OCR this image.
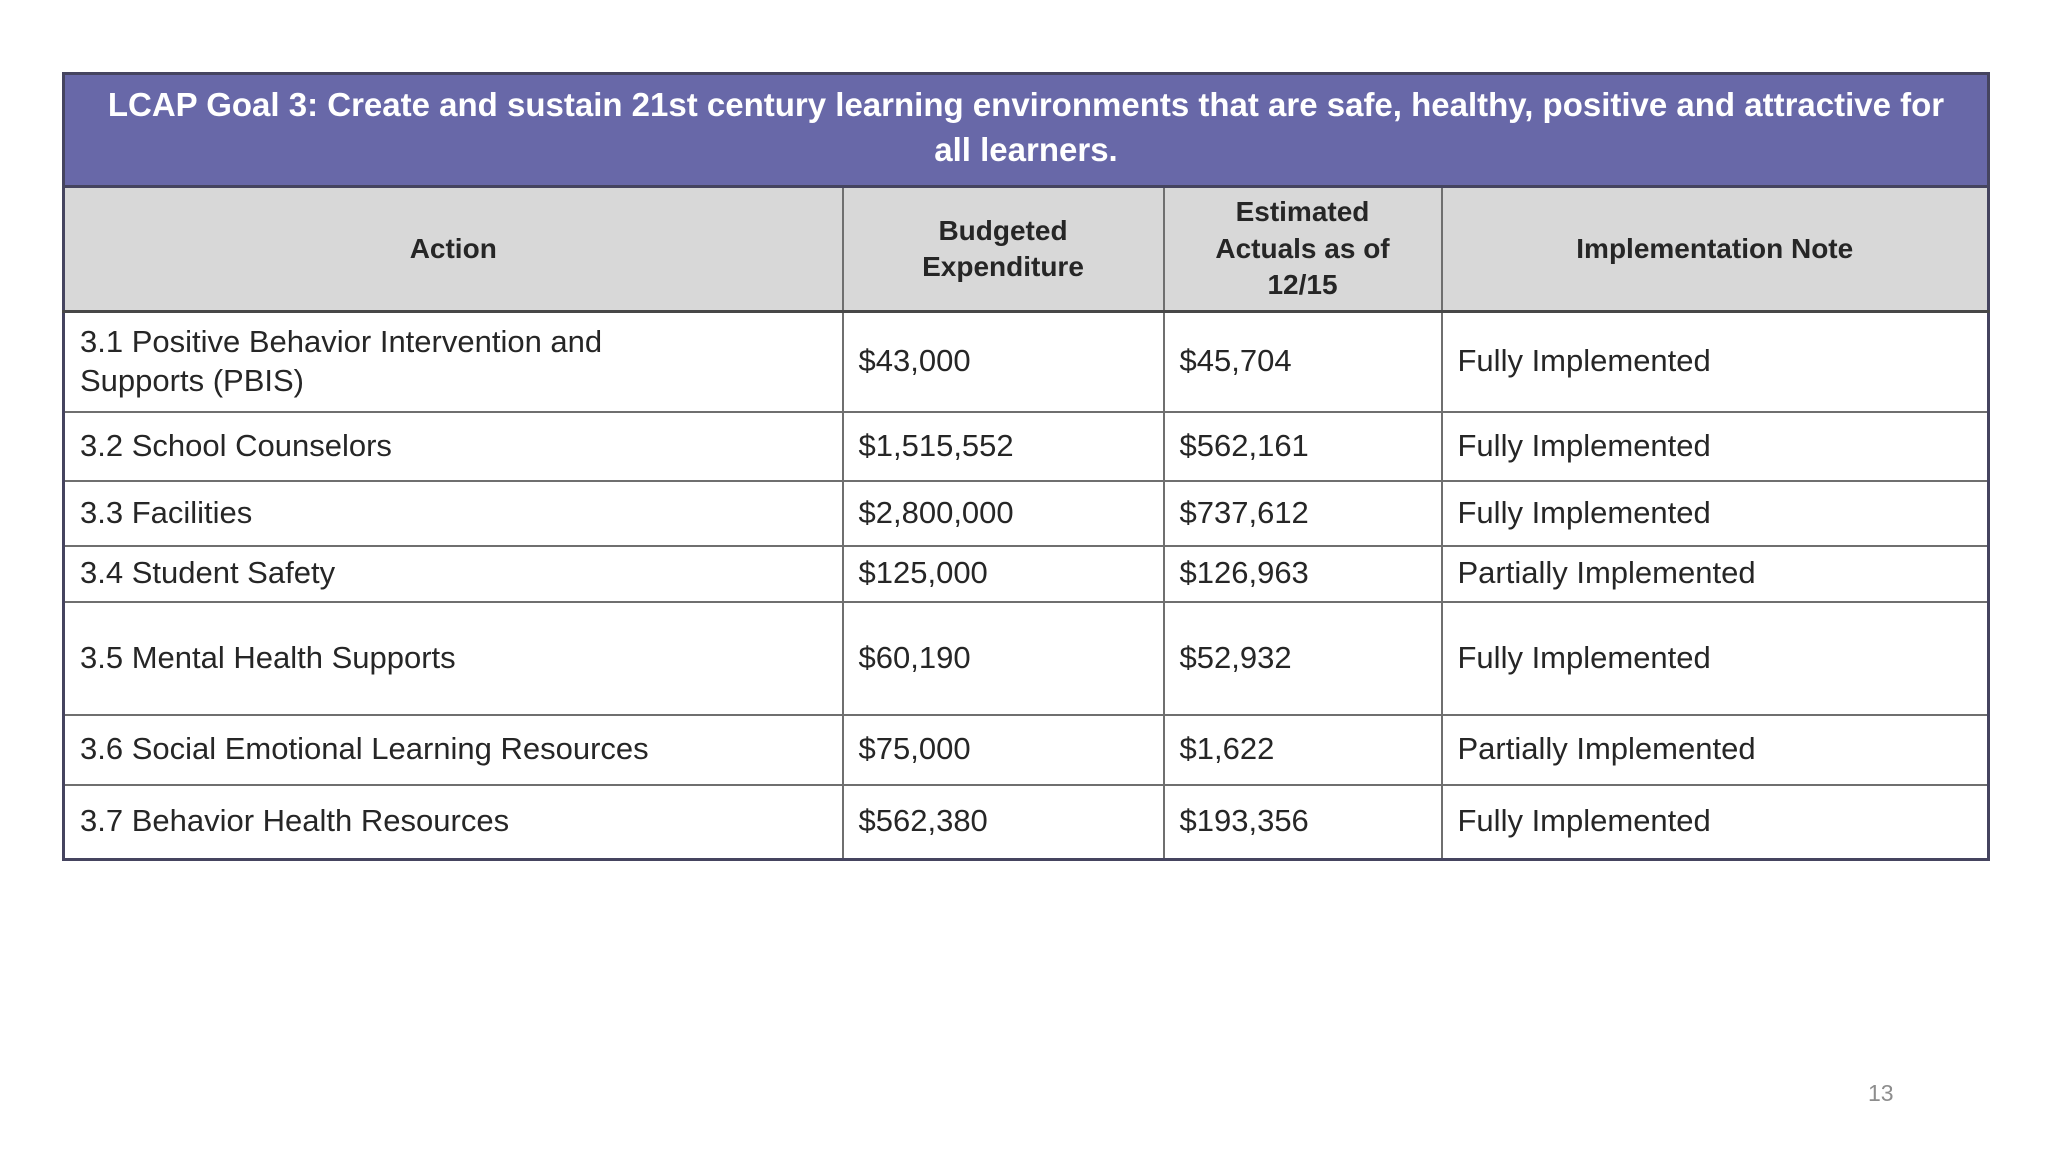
LCAP Goal 3: Create and sustain 21st century learning environments that are safe, healthy, positive and attractive for all learners.			
Action	Budgeted Expenditure	Estimated Actuals as of 12/15	Implementation Note
3.1 Positive Behavior Intervention and Supports (PBIS)	$43,000	$45,704	Fully Implemented
3.2 School Counselors	$1,515,552	$562,161	Fully Implemented
3.3 Facilities	$2,800,000	$737,612	Fully Implemented
3.4 Student Safety	$125,000	$126,963	Partially Implemented
3.5 Mental Health Supports	$60,190	$52,932	Fully Implemented
3.6 Social Emotional Learning Resources	$75,000	$1,622	Partially Implemented
3.7 Behavior Health Resources	$562,380	$193,356	Fully Implemented
13
